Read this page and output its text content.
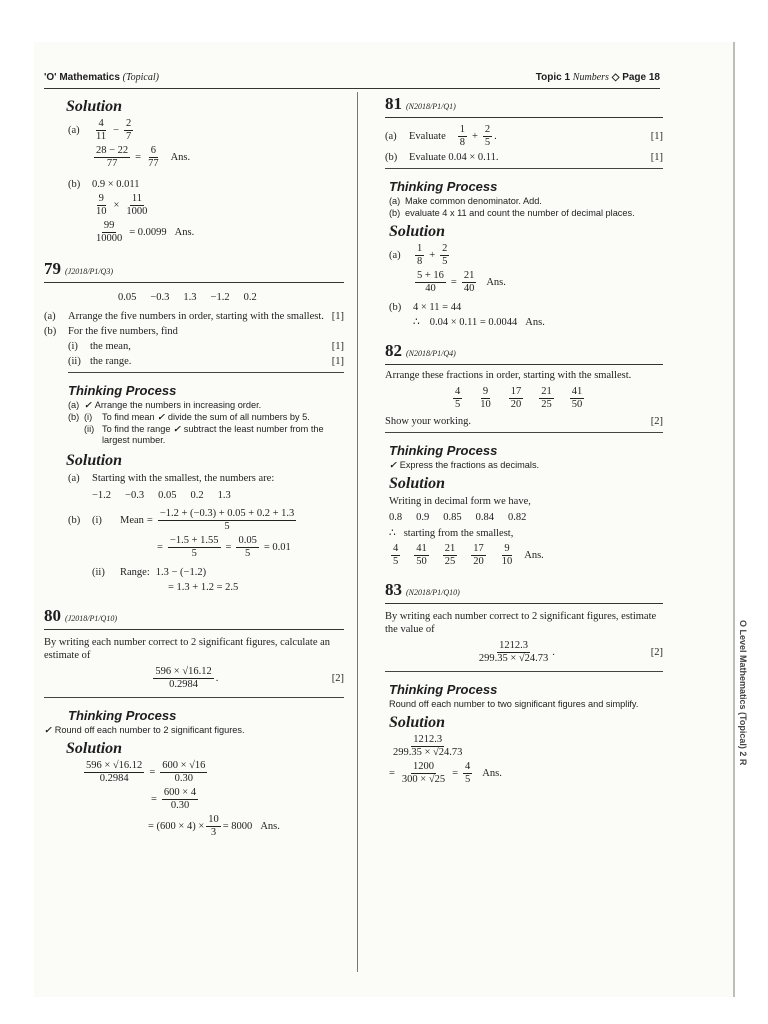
'O' Mathematics (Topical)	Topic 1 Numbers ◇ Page 18
Solution
(a)	$\frac{4}{11} - \frac{2}{7}$
$\frac{28 - 22}{77} = \frac{6}{77}$ Ans.
(b)	0.9 × 0.011
$\frac{9}{10} \times \frac{11}{1000}$
$\frac{99}{10000} = 0.0099$ Ans.
79 (J2018/P1/Q3)
0.05 −0.3 1.3 −1.2 0.2
(a)	Arrange the five numbers in order, starting with the smallest. [1]
(b)	For the five numbers, find
(i)	the mean,	[1]
(ii) the range.	[1]
Thinking Process
(a) ✓ Arrange the numbers in increasing order.
(b) (i)	To find mean ✓ divide the sum of all numbers by 5.
(ii) To find the range ✓ subtract the least number from the largest number.
Solution
(a)	Starting with the smallest, the numbers are:
−1.2 −0.3 0.05 0.2 1.3
(b)	(i)	Mean = $\frac{-1.2 + (-0.3) + 0.05 + 0.2 + 1.3}{5}$
= $\frac{-1.5 + 1.55}{5} = \frac{0.05}{5} = 0.01$
(ii)	Range: 1.3 − (−1.2)
= 1.3 + 1.2 = 2.5
80 (J2018/P1/Q10)
By writing each number correct to 2 significant figures, calculate an estimate of
$\frac{596 \times √16.12}{0.2984}$ .	[2]
Thinking Process
✓ Round off each number to 2 significant figures.
Solution
$\frac{596 \times √16.12}{0.2984} = \frac{600 \times √16}{0.30}$
= $\frac{600 \times 4}{0.30}$
= $(600 \times 4) \times \frac{10}{3} = 8000$ Ans.
81 (N2018/P1/Q1)
(a)	Evaluate $\frac{1}{8} + \frac{2}{5}$ .	[1]
(b)	Evaluate 0.04 × 0.11.	[1]
Thinking Process
(a) Make common denominator. Add.
(b) evaluate 4 x 11 and count the number of decimal places.
Solution
(a)	$\frac{1}{8} + \frac{2}{5}$
$\frac{5 + 16}{40} = \frac{21}{40}$ Ans.
(b)	4 × 11 = 44
∴ 0.04 × 0.11 = 0.0044 Ans.
82 (N2018/P1/Q4)
Arrange these fractions in order, starting with the smallest.
$\frac{4}{5} \frac{9}{10} \frac{17}{20} \frac{21}{25} \frac{41}{50}$
Show your working.	[2]
Thinking Process
✓ Express the fractions as decimals.
Solution
Writing in decimal form we have,
0.8 0.9 0.85 0.84 0.82
∴ starting from the smallest,
$\frac{4}{5} \frac{41}{50} \frac{21}{25} \frac{17}{20} \frac{9}{10}$ Ans.
83 (N2018/P1/Q10)
By writing each number correct to 2 significant figures, estimate the value of
$\frac{1212.3}{299.35 \times √24.73}$ .	[2]
Thinking Process
Round off each number to two significant figures and simplify.
Solution
$\frac{1212.3}{299.35 \times √24.73}$
= $\frac{1200}{300 \times √25} = \frac{4}{5}$ Ans.
O Level Mathematics (Topical) 2 R
